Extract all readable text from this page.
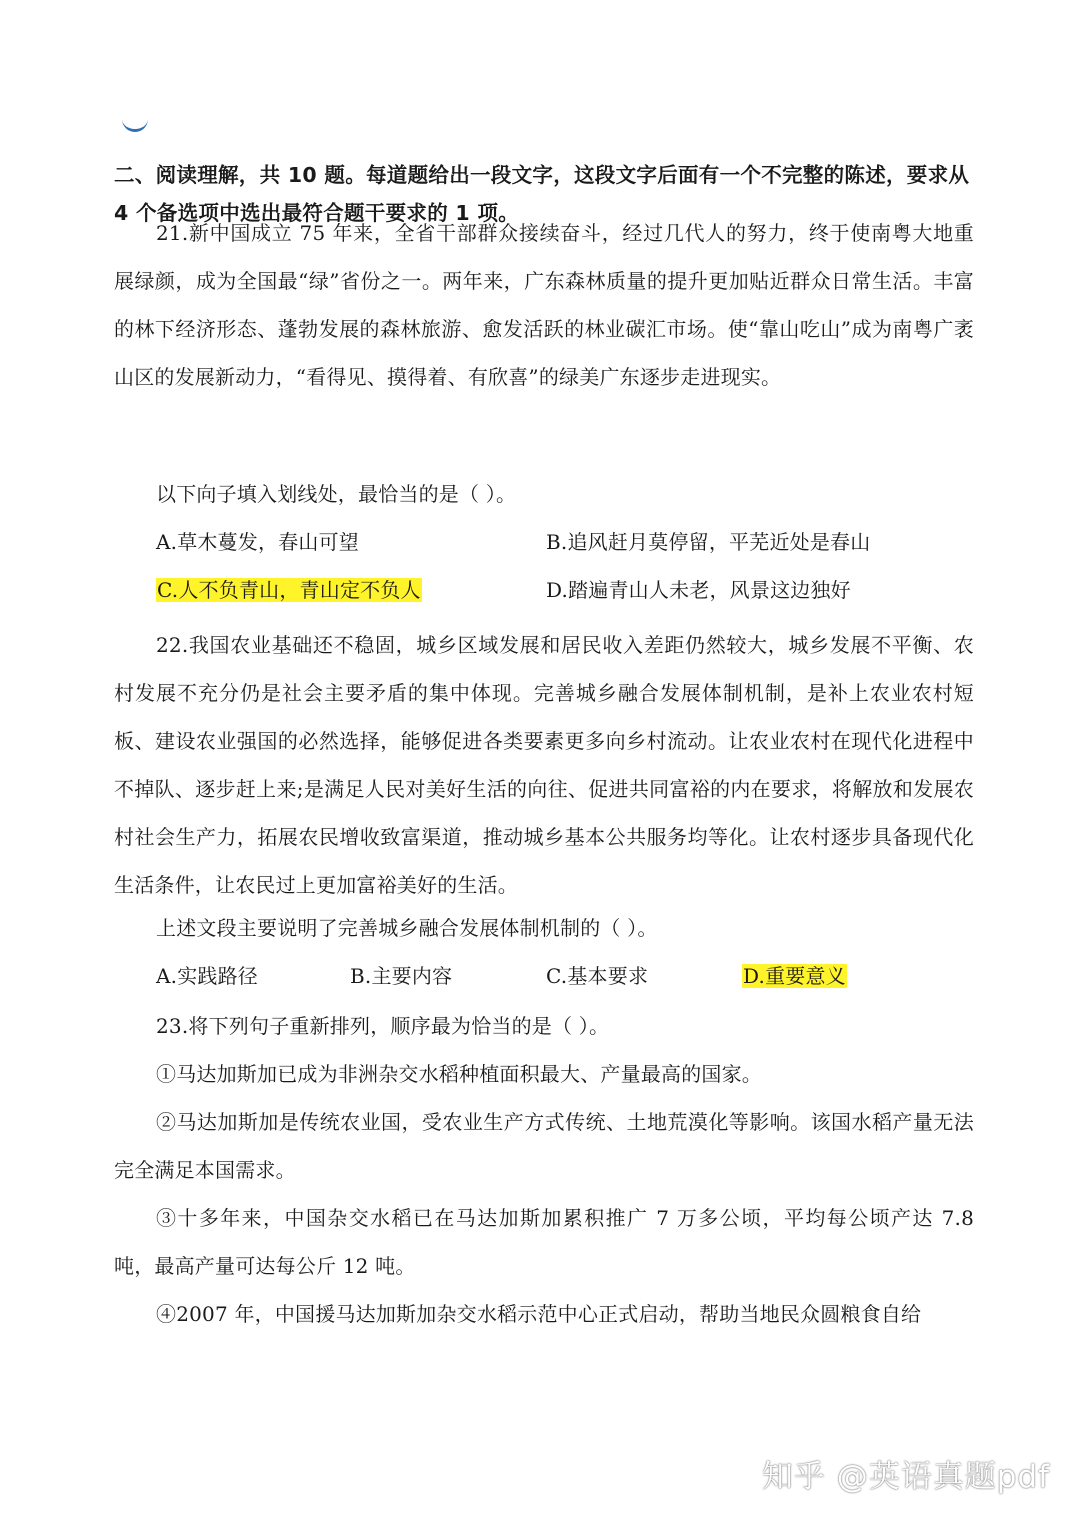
二、阅读理解，共 10 题。每道题给出一段文字，这段文字后面有一个不完整的陈述，要求从 4 个备选项中选出最符合题干要求的 1 项。
21.新中国成立 75 年来，全省干部群众接续奋斗，经过几代人的努力，终于使南粤大地重展绿颜，成为全国最“绿”省份之一。两年来，广东森林质量的提升更加贴近群众日常生活。丰富的林下经济形态、蓬勃发展的森林旅游、愈发活跃的林业碳汇市场。使“靠山吃山”成为南粤广袤山区的发展新动力，“看得见、摸得着、有欣喜”的绿美广东逐步走进现实。
以下向子填入划线处，最恰当的是（ ）。
A.草木蔓发，春山可望	B.追风赶月莫停留，平芜近处是春山
C.人不负青山，青山定不负人	D.踏遍青山人未老，风景这边独好
22.我国农业基础还不稳固，城乡区域发展和居民收入差距仍然较大，城乡发展不平衡、农村发展不充分仍是社会主要矛盾的集中体现。完善城乡融合发展体制机制，是补上农业农村短板、建设农业强国的必然选择，能够促进各类要素更多向乡村流动。让农业农村在现代化进程中不掉队、逐步赶上来;是满足人民对美好生活的向往、促进共同富裕的内在要求，将解放和发展农村社会生产力，拓展农民增收致富渠道，推动城乡基本公共服务均等化。让农村逐步具备现代化生活条件，让农民过上更加富裕美好的生活。
上述文段主要说明了完善城乡融合发展体制机制的（ ）。
A.实践路径	B.主要内容	C.基本要求	D.重要意义
23.将下列句子重新排列，顺序最为恰当的是（ ）。
①马达加斯加已成为非洲杂交水稻种植面积最大、产量最高的国家。
②马达加斯加是传统农业国，受农业生产方式传统、土地荒漠化等影响。该国水稻产量无法完全满足本国需求。
③十多年来，中国杂交水稻已在马达加斯加累积推广 7 万多公顷，平均每公顷产达 7.8 吨，最高产量可达每公斤 12 吨。
④2007 年，中国援马达加斯加杂交水稻示范中心正式启动，帮助当地民众圆粮食自给
知乎 @英语真题pdf
